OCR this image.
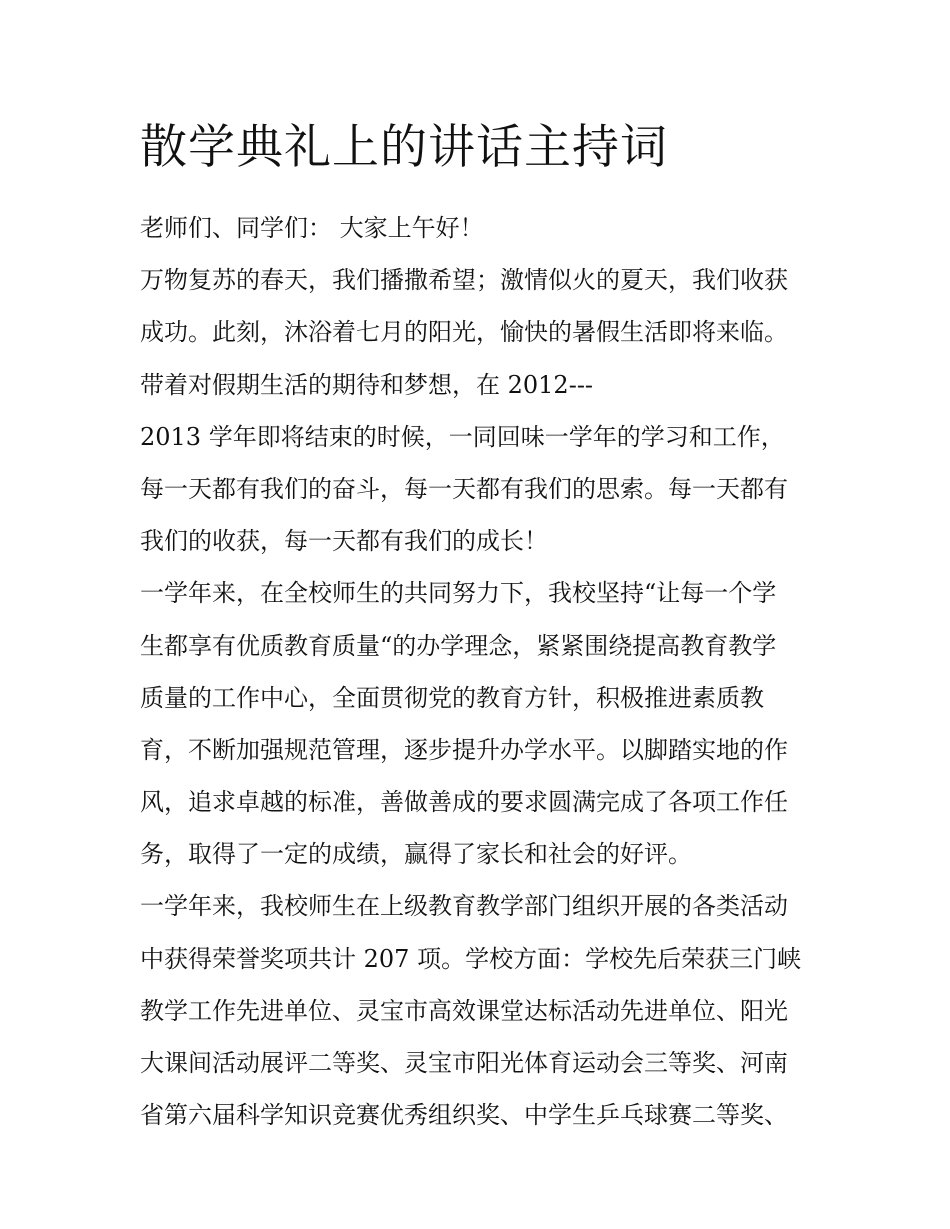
散学典礼上的讲话主持词
老师们、同学们： 大家上午好！
万物复苏的春天，我们播撒希望；激情似火的夏天，我们收获
成功。此刻，沐浴着七月的阳光，愉快的暑假生活即将来临。
带着对假期生活的期待和梦想，在 2012---
2013 学年即将结束的时候，一同回味一学年的学习和工作，
每一天都有我们的奋斗，每一天都有我们的思索。每一天都有
我们的收获，每一天都有我们的成长！
一学年来，在全校师生的共同努力下，我校坚持“让每一个学
生都享有优质教育质量“的办学理念，紧紧围绕提高教育教学
质量的工作中心，全面贯彻党的教育方针，积极推进素质教
育，不断加强规范管理，逐步提升办学水平。以脚踏实地的作
风，追求卓越的标准，善做善成的要求圆满完成了各项工作任
务，取得了一定的成绩，赢得了家长和社会的好评。
一学年来，我校师生在上级教育教学部门组织开展的各类活动
中获得荣誉奖项共计 207 项。学校方面：学校先后荣获三门峡
教学工作先进单位、灵宝市高效课堂达标活动先进单位、阳光
大课间活动展评二等奖、灵宝市阳光体育运动会三等奖、河南
省第六届科学知识竞赛优秀组织奖、中学生乒乓球赛二等奖、
